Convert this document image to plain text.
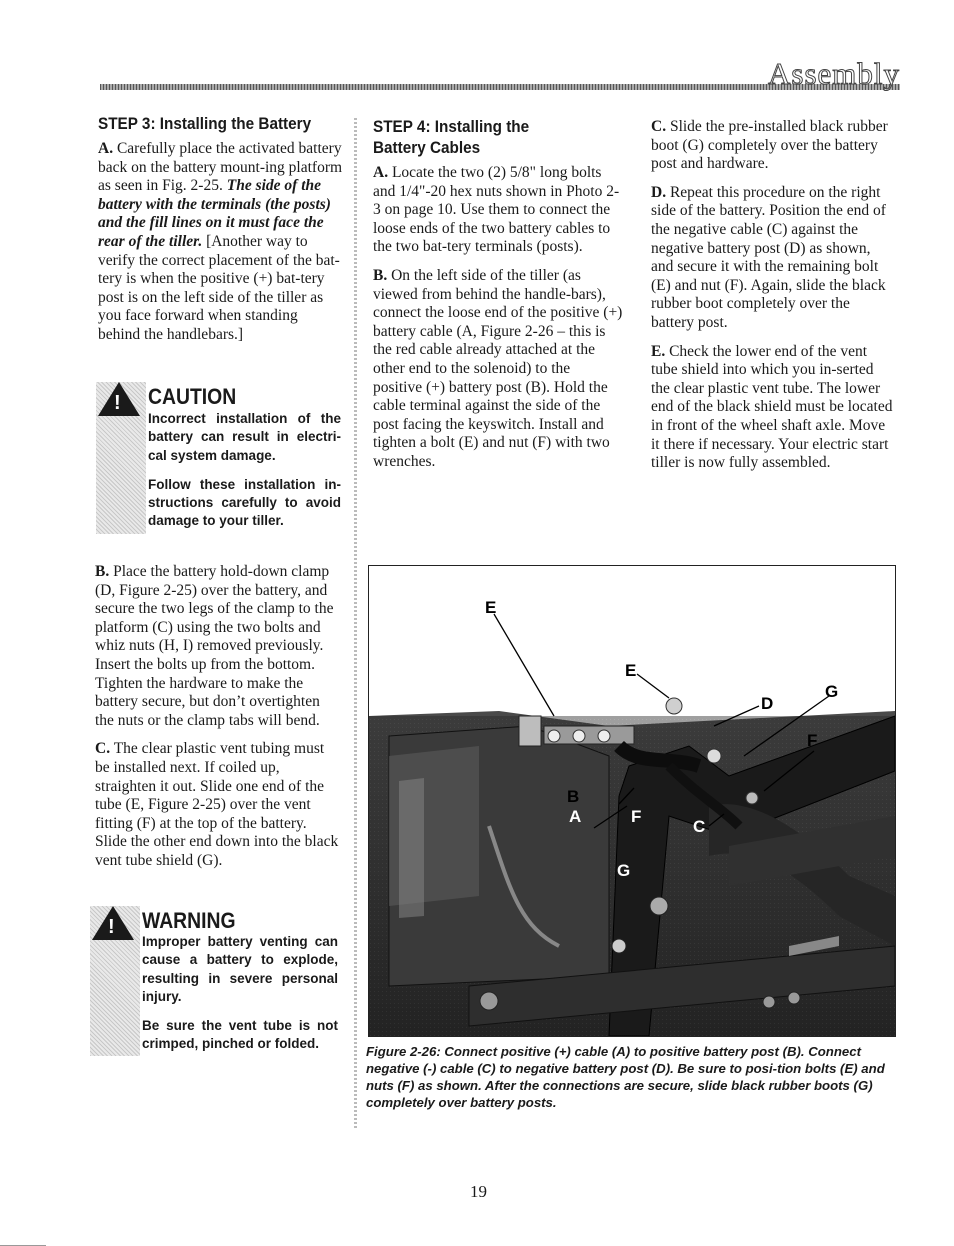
Assembly
STEP 3: Installing the Battery

A. Carefully place the activated battery back on the battery mount-ing platform as seen in Fig. 2-25. The side of the battery with the terminals (the posts) and the fill lines on it must face the rear of the tiller. [Another way to verify the correct placement of the bat-tery is when the positive (+) bat-tery post is on the left side of the tiller as you face forward when standing behind the handlebars.]

! CAUTION

Incorrect installation of the battery can result in electri-cal system damage.

Follow these installation in-structions carefully to avoid damage to your tiller.

B. Place the battery hold-down clamp (D, Figure 2-25) over the battery, and secure the two legs of the clamp to the platform (C) using the two bolts and whiz nuts (H, I) removed previously. Insert the bolts up from the bottom. Tighten the hardware to make the battery secure, but don’t overtighten the nuts or the clamp tabs will bend.

C. The clear plastic vent tubing must be installed next. If coiled up, straighten it out. Slide one end of the tube (E, Figure 2-25) over the vent fitting (F) at the top of the battery. Slide the other end down into the black vent tube shield (G).

! WARNING

Improper battery venting can cause a battery to explode, resulting in severe personal injury.

Be sure the vent tube is not crimped, pinched or folded.

STEP 4: Installing the
Battery Cables

A. Locate the two (2) 5/8" long bolts and 1/4"-20 hex nuts shown in Photo 2-3 on page 10. Use them to connect the loose ends of the two battery cables to the two bat-tery terminals (posts).

B. On the left side of the tiller (as viewed from behind the handle-bars), connect the loose end of the positive (+) battery cable (A, Figure 2-26 – this is the red cable already attached at the other end to the solenoid) to the positive (+) battery post (B). Hold the cable terminal against the side of the post facing the keyswitch. Install and tighten a bolt (E) and nut (F) with two wrenches.

C. Slide the pre-installed black rubber boot (G) completely over the battery post and hardware.

D. Repeat this procedure on the right side of the battery. Position the end of the negative cable (C) against the negative battery post (D) as shown, and secure it with the remaining bolt (E) and nut (F). Again, slide the black rubber boot completely over the battery post.

E. Check the lower end of the vent tube shield into which you in-serted the clear plastic vent tube. The lower end of the black shield must be located in front of the wheel shaft axle. Move it there if necessary. Your electric start tiller is now fully assembled.

E
E
D
G
F
B
A	F
C
G
Figure 2-26: Connect positive (+) cable (A) to positive battery post (B). Connect negative (-) cable (C) to negative battery post (D). Be sure to posi-tion bolts (E) and nuts (F) as shown. After the connections are secure, slide black rubber boots (G) completely over battery posts.
19
